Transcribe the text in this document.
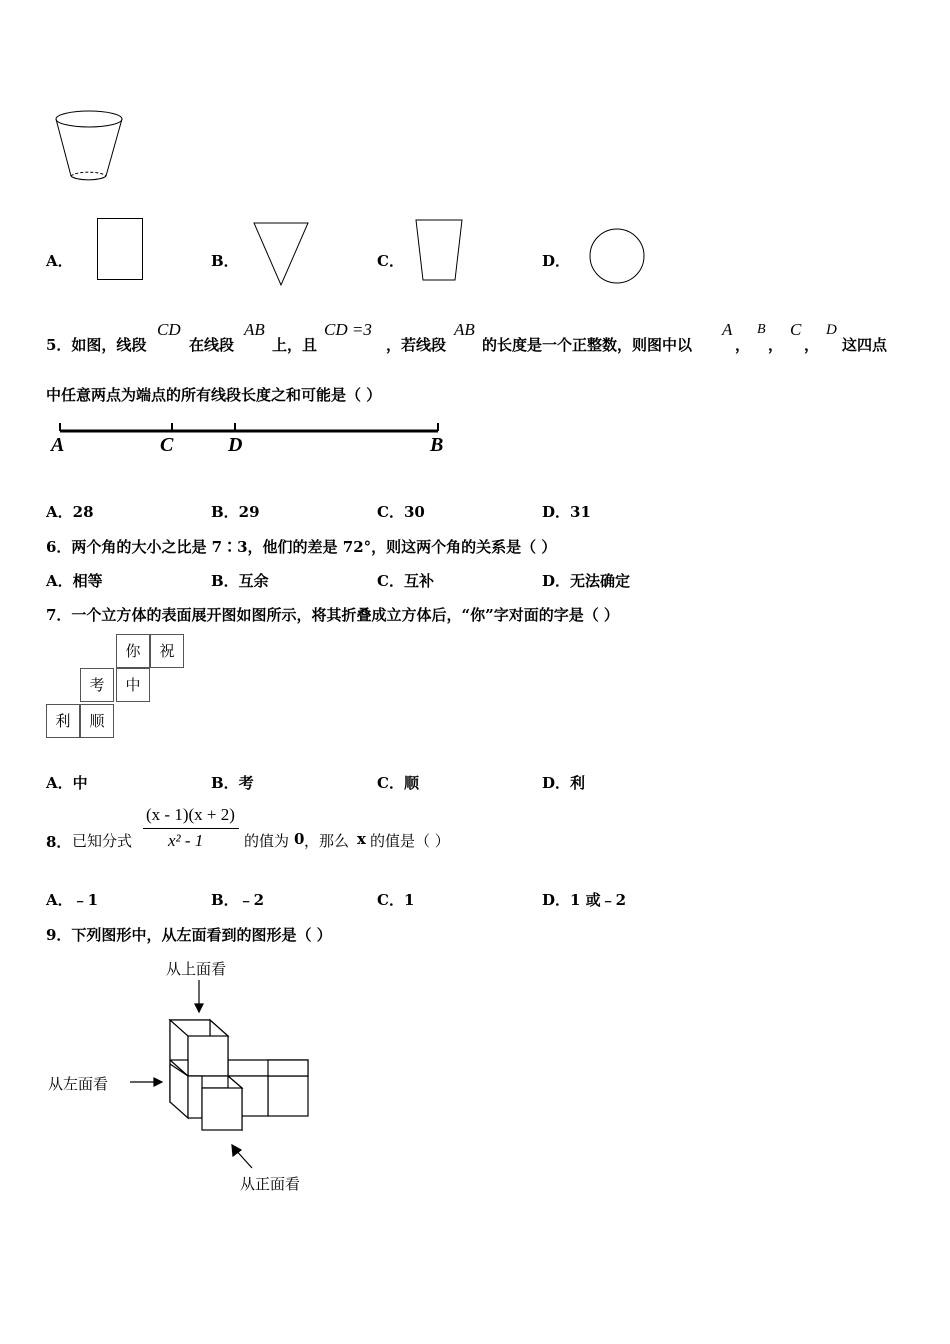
A．	B．	C．	D．
5．如图，线段
CD
在线段
AB
上，且
CD =3
，若线段
AB
的长度是一个正整数，则图中以
A
，
B
，
C
，
D
这四点
中任意两点为端点的所有线段长度之和可能是（ ）
A	C	D	B
A．28	B．29	C．30	D．31
6．两个角的大小之比是 7∶3，他们的差是 72°，则这两个角的关系是（ ）
A．相等	B．互余	C．互补	D．无法确定
7．一个立方体的表面展开图如图所示，将其折叠成立方体后，“你”字对面的字是（ ）
你	祝
考	中
利	顺
A．中	B．考	C．顺	D．利
8． 已知分式
(x - 1)(x + 2)
x² - 1	的值为 0 ，那么 x 的值是（ ）
A．﹣1	B．﹣2	C．1	D．1 或﹣2
9．下列图形中，从左面看到的图形是（ ）
从上面看
从左面看
从正面看
